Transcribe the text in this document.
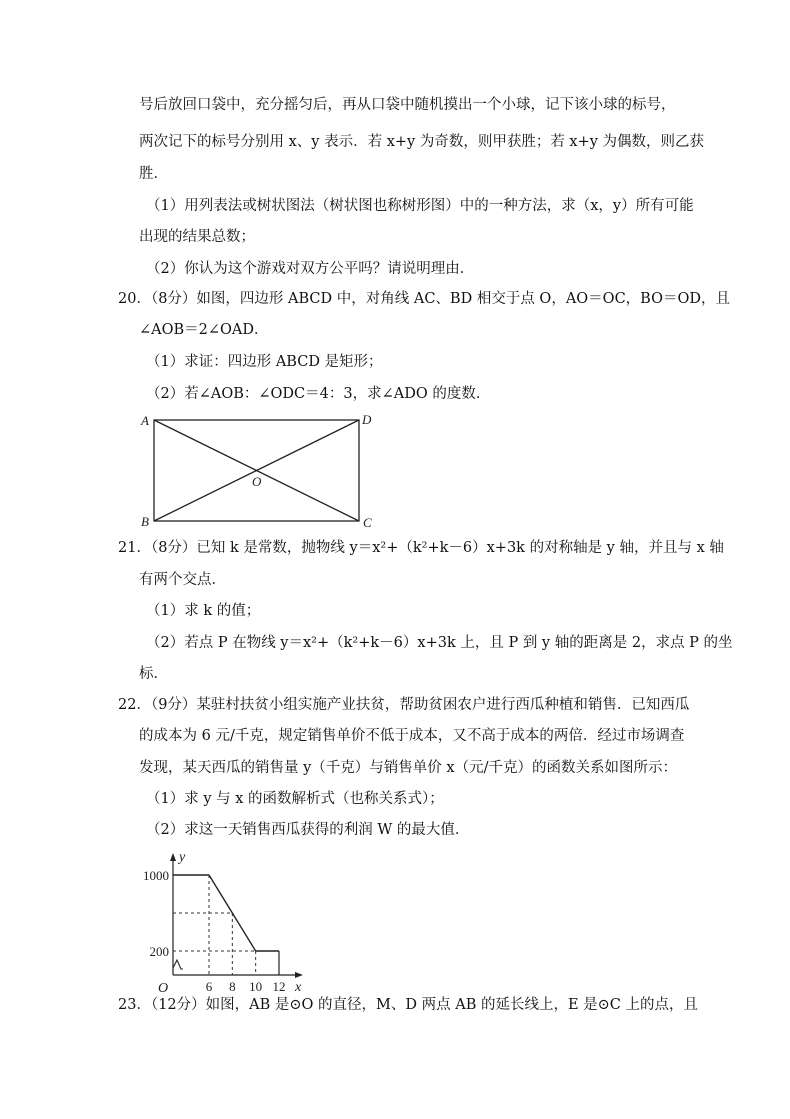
号后放回口袋中，充分摇匀后，再从口袋中随机摸出一个小球，记下该小球的标号，
两次记下的标号分别用 x、y 表示．若 x+y 为奇数，则甲获胜；若 x+y 为偶数，则乙获
胜．
（1）用列表法或树状图法（树状图也称树形图）中的一种方法，求（x，y）所有可能
出现的结果总数；
（2）你认为这个游戏对双方公平吗？请说明理由．
20．（8分）如图，四边形 ABCD 中，对角线 AC、BD 相交于点 O，AO＝OC，BO＝OD，且
∠AOB＝2∠OAD．
（1）求证：四边形 ABCD 是矩形；
（2）若∠AOB：∠ODC＝4：3，求∠ADO 的度数．
A	D
B	C
O
21．（8分）已知 k 是常数，抛物线 y＝x²+（k²+k－6）x+3k 的对称轴是 y 轴，并且与 x 轴
有两个交点．
（1）求 k 的值；
（2）若点 P 在物线 y＝x²+（k²+k－6）x+3k 上，且 P 到 y 轴的距离是 2，求点 P 的坐
标．
22．（9分）某驻村扶贫小组实施产业扶贫，帮助贫困农户进行西瓜种植和销售．已知西瓜
的成本为 6 元/千克，规定销售单价不低于成本，又不高于成本的两倍．经过市场调查
发现，某天西瓜的销售量 y（千克）与销售单价 x（元/千克）的函数关系如图所示：
（1）求 y 与 x 的函数解析式（也称关系式）；
（2）求这一天销售西瓜获得的利润 W 的最大值．
6 8 10 12
200
1000
x
y
O
23．（12分）如图，AB 是⊙O 的直径，M、D 两点 AB 的延长线上，E 是⊙C 上的点，且
